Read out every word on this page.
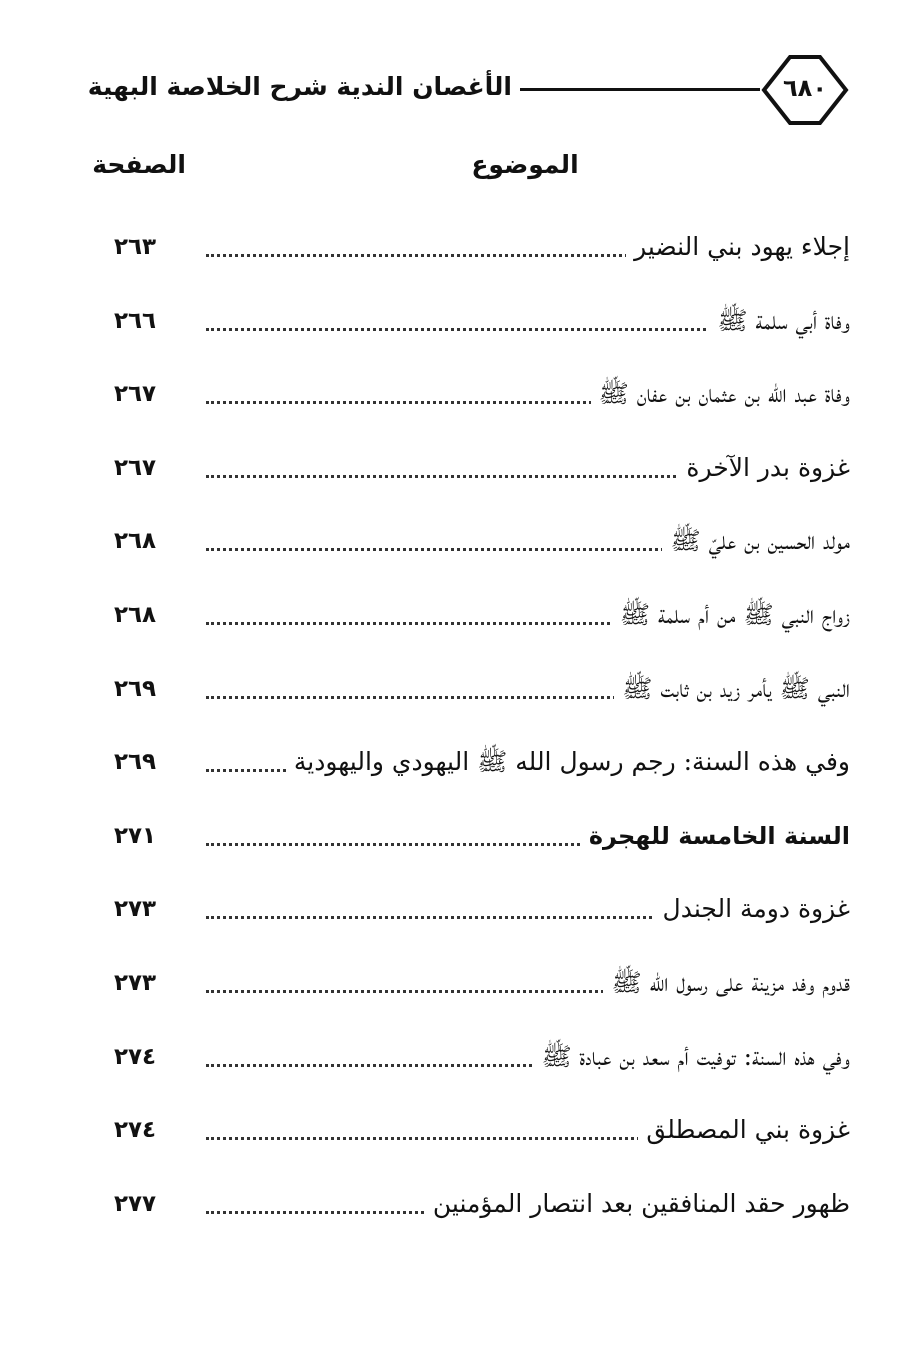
الأغصان الندية شرح الخلاصة البهية	٦٨٠
الموضوع
الصفحة
إجلاء يهود بني النضير
٢٦٣
وفاة أبي سلمة ﷺ
٢٦٦
وفاة عبد الله بن عثمان بن عفان ﷺ
٢٦٧
غزوة بدر الآخرة
٢٦٧
مولد الحسين بن عليّ ﷺ
٢٦٨
زواج النبي ﷺ من أم سلمة ﷺ
٢٦٨
النبي ﷺ يأمر زيد بن ثابت ﷺ
٢٦٩
وفي هذه السنة: رجم رسول الله ﷺ اليهودي واليهودية
٢٦٩
السنة الخامسة للهجرة
٢٧١
غزوة دومة الجندل
٢٧٣
قدوم وفد مزينة على رسول الله ﷺ
٢٧٣
وفي هذه السنة: توفيت أم سعد بن عبادة ﷺ
٢٧٤
غزوة بني المصطلق
٢٧٤
ظهور حقد المنافقين بعد انتصار المؤمنين
٢٧٧
